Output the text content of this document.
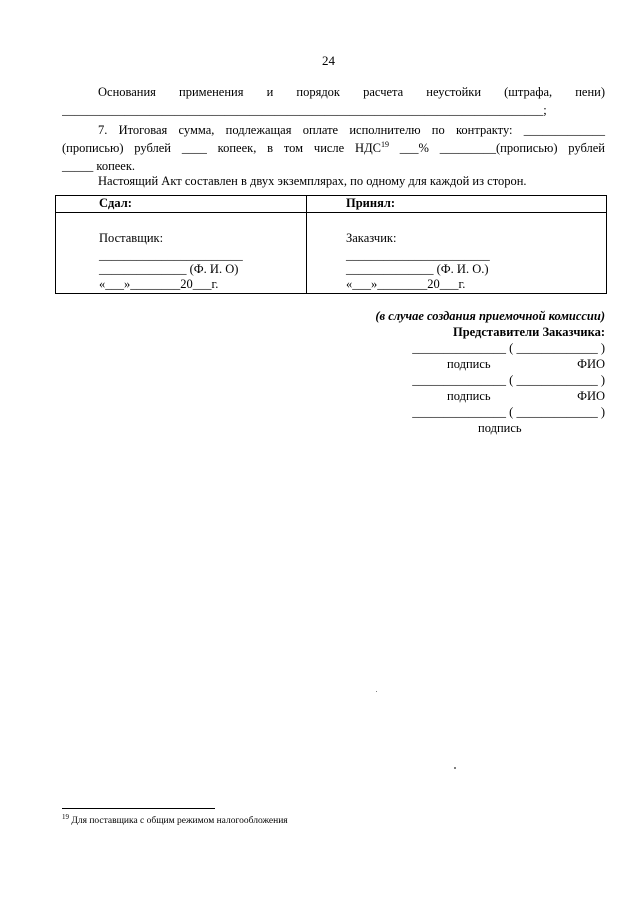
24
Основания применения и порядок расчета неустойки (штрафа, пени)
_____________________________________________________________________________;
7. Итоговая сумма, подлежащая оплате исполнителю по контракту: _____________
(прописью) рублей ____ копеек, в том числе НДС$^{19}$ ___% _________(прописью) рублей
_____ копеек.
Настоящий Акт составлен в двух экземплярах, по одному для каждой из сторон.
Сдал:
Поставщик:
_______________________
______________ (Ф. И. О)
«___»________20___г.
Принял:
Заказчик:
_______________________
______________ (Ф. И. О.)
«___»________20___г.
(в случае создания приемочной комиссии)
Представители Заказчика:
_______________ ( _____________ )
подпись	ФИО
_______________ ( _____________ )
подпись	ФИО
_______________ ( _____________ )
подпись
$^{19}$ Для поставщика с общим режимом налогообложения
